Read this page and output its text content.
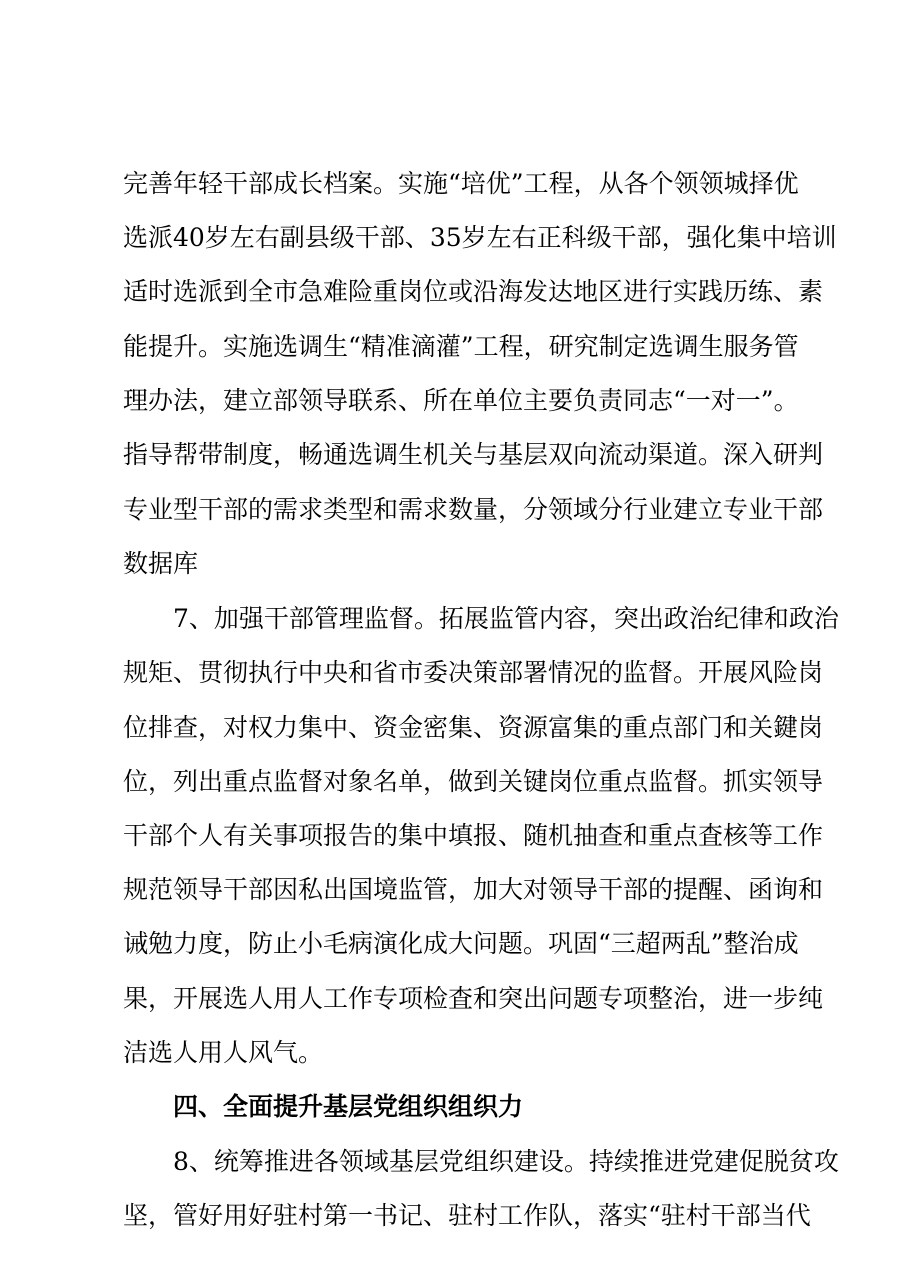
完善年轻干部成长档案。实施“培优”工程，从各个领领城择优
选派40岁左右副县级干部、35岁左右正科级干部，强化集中培训
适时选派到全市急难险重岗位或沿海发达地区进行实践历练、素
能提升。实施选调生“精准滴灌”工程，研究制定选调生服务管
理办法，建立部领导联系、所在单位主要负责同志“一对一”。
指导帮带制度，畅通选调生机关与基层双向流动渠道。深入研判
专业型干部的需求类型和需求数量，分领域分行业建立专业干部
数据库
7、加强干部管理监督。拓展监管内容，突出政治纪律和政治
规矩、贯彻执行中央和省市委决策部署情况的监督。开展风险岗
位排查，对权力集中、资金密集、资源富集的重点部门和关鍵岗
位，列出重点监督对象名单，做到关键岗位重点监督。抓实领导
干部个人有关事项报告的集中填报、随机抽查和重点査核等工作
规范领导干部因私出国境监管，加大对领导干部的提醒、函询和
诫勉力度，防止小毛病演化成大问题。巩固“三超两乱”整治成
果，开展选人用人工作专项检査和突出问题专项整治，进一步纯
洁选人用人风气。
四、全面提升基层党组织组织力
8、统筹推进各领域基层党组织建设。持续推进党建促脱贫攻
坚，管好用好驻村第一书记、驻村工作队，落实“驻村干部当代
